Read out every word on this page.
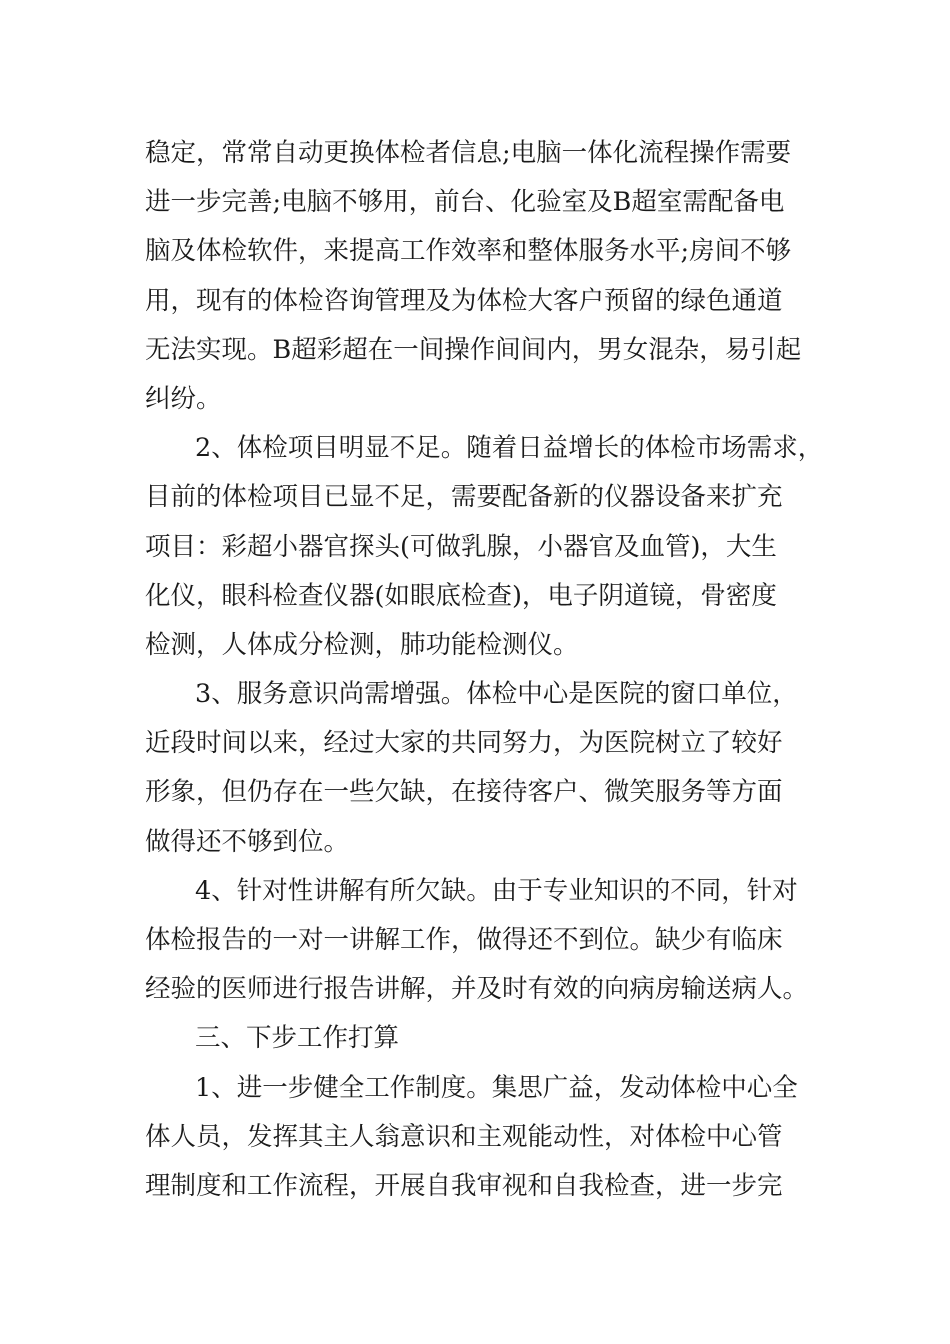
稳定，常常自动更换体检者信息;电脑一体化流程操作需要
进一步完善;电脑不够用，前台、化验室及B超室需配备电
脑及体检软件，来提高工作效率和整体服务水平;房间不够
用，现有的体检咨询管理及为体检大客户预留的绿色通道
无法实现。B超彩超在一间操作间间内，男女混杂，易引起
纠纷。
2、体检项目明显不足。随着日益增长的体检市场需求，
目前的体检项目已显不足，需要配备新的仪器设备来扩充
项目：彩超小器官探头(可做乳腺，小器官及血管)，大生
化仪，眼科检查仪器(如眼底检查)，电子阴道镜，骨密度
检测，人体成分检测，肺功能检测仪。
3、服务意识尚需增强。体检中心是医院的窗口单位，
近段时间以来，经过大家的共同努力，为医院树立了较好
形象，但仍存在一些欠缺，在接待客户、微笑服务等方面
做得还不够到位。
4、针对性讲解有所欠缺。由于专业知识的不同，针对
体检报告的一对一讲解工作，做得还不到位。缺少有临床
经验的医师进行报告讲解，并及时有效的向病房输送病人。
三、下步工作打算
1、进一步健全工作制度。集思广益，发动体检中心全
体人员，发挥其主人翁意识和主观能动性，对体检中心管
理制度和工作流程，开展自我审视和自我检查，进一步完
